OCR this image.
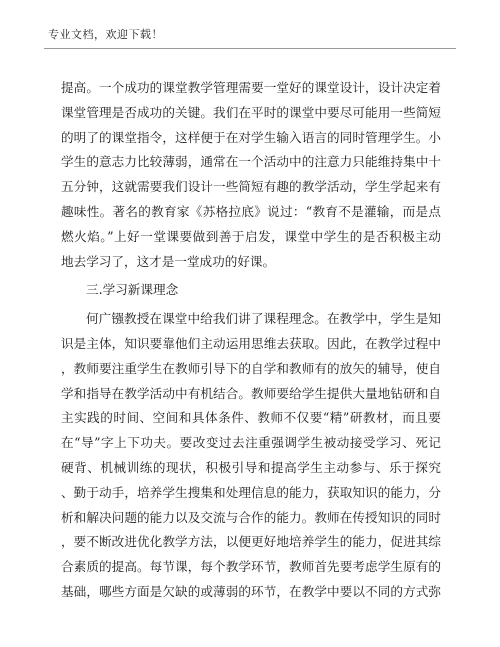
专业文档，欢迎下载！
提高。一个成功的课堂教学管理需要一堂好的课堂设计，设计决定着
课堂管理是否成功的关键。我们在平时的课堂中要尽可能用一些简短
的明了的课堂指令，这样便于在对学生输入语言的同时管理学生。小
学生的意志力比较薄弱，通常在一个活动中的注意力只能维持集中十
五分钟，这就需要我们设计一些简短有趣的教学活动，学生学起来有
趣味性。著名的教育家《苏格拉底》说过：“教育不是灌输，而是点
燃火焰。”上好一堂课要做到善于启发，课堂中学生的是否积极主动
地去学习了，这才是一堂成功的好课。
三.学习新课理念
何广镪教授在课堂中给我们讲了课程理念。在教学中，学生是知
识是主体，知识要靠他们主动运用思维去获取。因此，在教学过程中
，教师要注重学生在教师引导下的自学和教师有的放矢的辅导，使自
学和指导在教学活动中有机结合。教师要给学生提供大量地钻研和自
主实践的时间、空间和具体条件、教师不仅要“精”研教材，而且要
在“导”字上下功夫。要改变过去注重强调学生被动接受学习、死记
硬背、机械训练的现状，积极引导和提高学生主动参与、乐于探究
、勤于动手，培养学生搜集和处理信息的能力，获取知识的能力，分
析和解决问题的能力以及交流与合作的能力。教师在传授知识的同时
，要不断改进优化教学方法，以便更好地培养学生的能力，促进其综
合素质的提高。每节课，每个教学环节，教师首先要考虑学生原有的
基础，哪些方面是欠缺的或薄弱的环节，在教学中要以不同的方式弥
